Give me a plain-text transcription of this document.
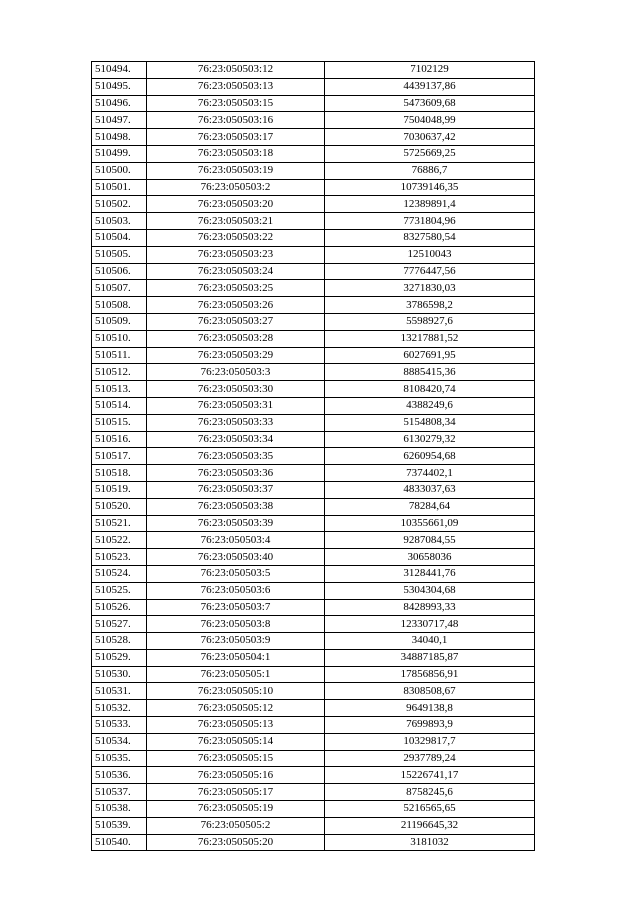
510494.	76:23:050503:12	7102129
510495.	76:23:050503:13	4439137,86
510496.	76:23:050503:15	5473609,68
510497.	76:23:050503:16	7504048,99
510498.	76:23:050503:17	7030637,42
510499.	76:23:050503:18	5725669,25
510500.	76:23:050503:19	76886,7
510501.	76:23:050503:2	10739146,35
510502.	76:23:050503:20	12389891,4
510503.	76:23:050503:21	7731804,96
510504.	76:23:050503:22	8327580,54
510505.	76:23:050503:23	12510043
510506.	76:23:050503:24	7776447,56
510507.	76:23:050503:25	3271830,03
510508.	76:23:050503:26	3786598,2
510509.	76:23:050503:27	5598927,6
510510.	76:23:050503:28	13217881,52
510511.	76:23:050503:29	6027691,95
510512.	76:23:050503:3	8885415,36
510513.	76:23:050503:30	8108420,74
510514.	76:23:050503:31	4388249,6
510515.	76:23:050503:33	5154808,34
510516.	76:23:050503:34	6130279,32
510517.	76:23:050503:35	6260954,68
510518.	76:23:050503:36	7374402,1
510519.	76:23:050503:37	4833037,63
510520.	76:23:050503:38	78284,64
510521.	76:23:050503:39	10355661,09
510522.	76:23:050503:4	9287084,55
510523.	76:23:050503:40	30658036
510524.	76:23:050503:5	3128441,76
510525.	76:23:050503:6	5304304,68
510526.	76:23:050503:7	8428993,33
510527.	76:23:050503:8	12330717,48
510528.	76:23:050503:9	34040,1
510529.	76:23:050504:1	34887185,87
510530.	76:23:050505:1	17856856,91
510531.	76:23:050505:10	8308508,67
510532.	76:23:050505:12	9649138,8
510533.	76:23:050505:13	7699893,9
510534.	76:23:050505:14	10329817,7
510535.	76:23:050505:15	2937789,24
510536.	76:23:050505:16	15226741,17
510537.	76:23:050505:17	8758245,6
510538.	76:23:050505:19	5216565,65
510539.	76:23:050505:2	21196645,32
510540.	76:23:050505:20	3181032
